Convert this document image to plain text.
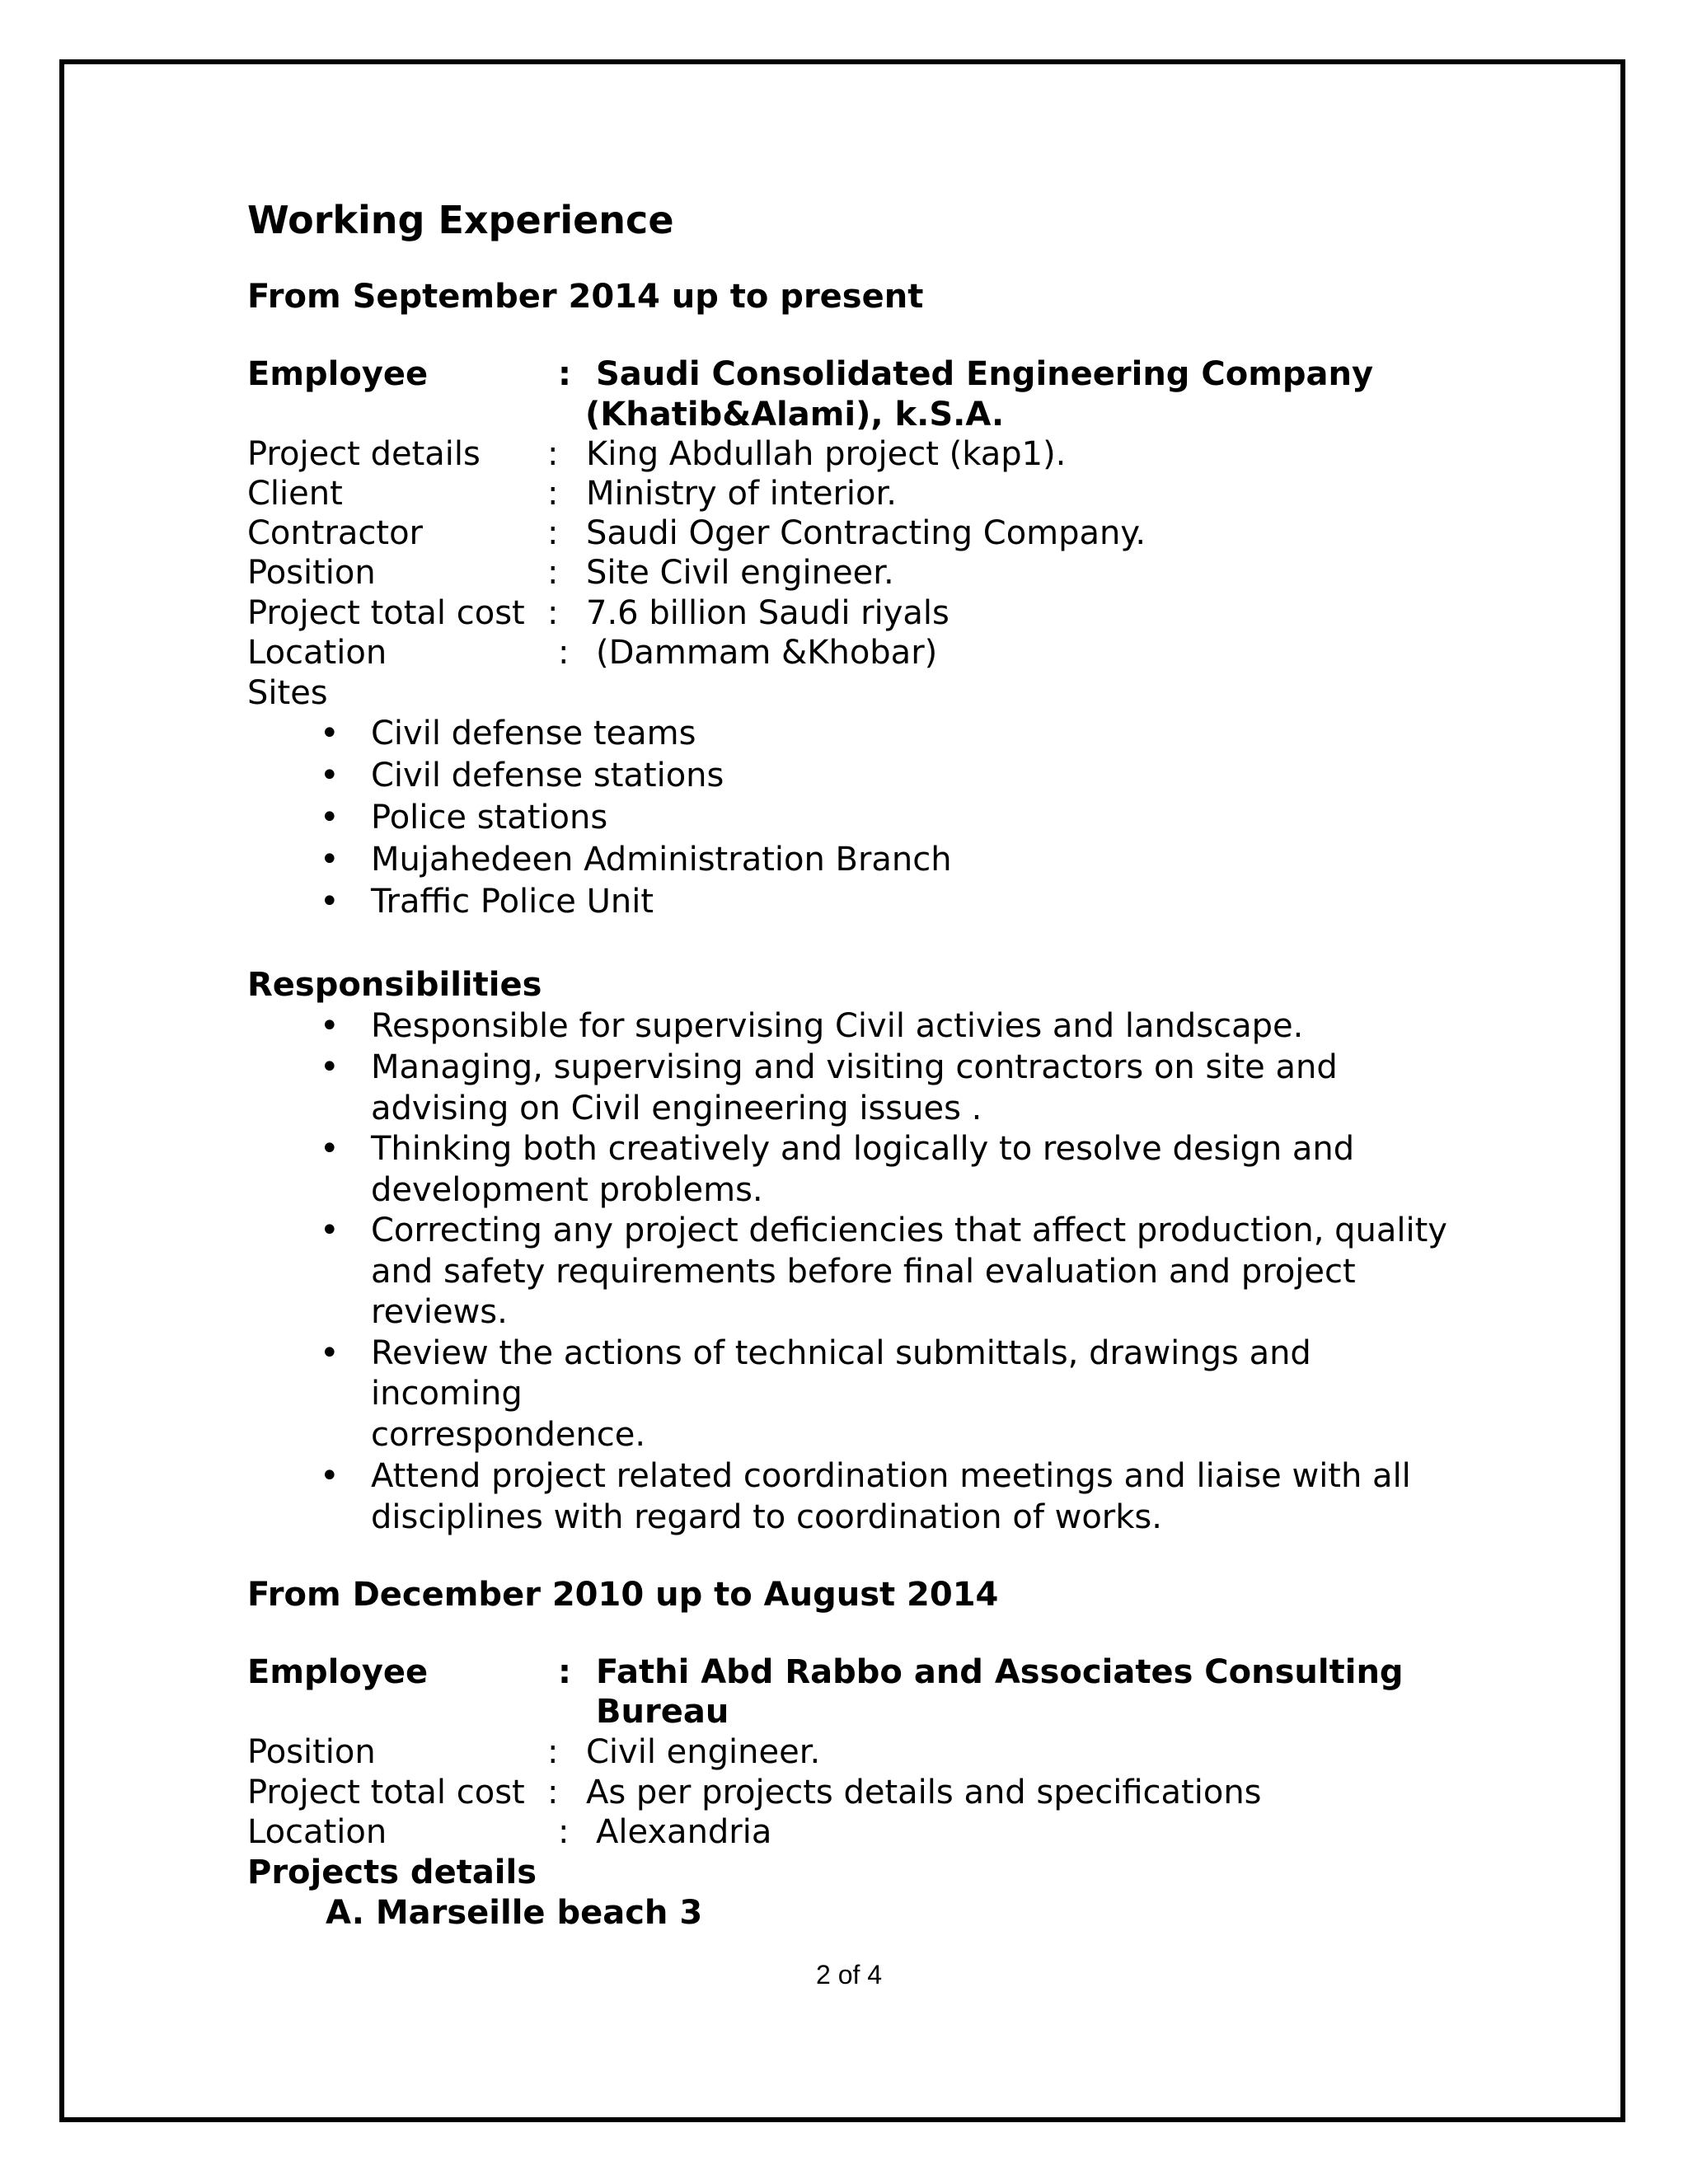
Working Experience
From September 2014 up to present
Employee	: Saudi Consolidated Engineering Company
(Khatib&Alami), k.S.A.
Project details : King Abdullah project (kap1).
Client	: Ministry of interior.
Contractor	: Saudi Oger Contracting Company.
Position	: Site Civil engineer.
Project total cost : 7.6 billion Saudi riyals
Location	: (Dammam &Khobar)
Sites
• Civil defense teams
• Civil defense stations
• Police stations
• Mujahedeen Administration Branch
• Traffic Police Unit
Responsibilities
• Responsible for supervising Civil activies and landscape.
• Managing, supervising and visiting contractors on site and
advising on Civil engineering issues .
• Thinking both creatively and logically to resolve design and
development problems.
• Correcting any project deficiencies that affect production, quality
and safety requirements before final evaluation and project
reviews.
• Review the actions of technical submittals, drawings and
incoming
correspondence.
• Attend project related coordination meetings and liaise with all
disciplines with regard to coordination of works.
From December 2010 up to August 2014
Employee	: Fathi Abd Rabbo and Associates Consulting
Bureau
Position	: Civil engineer.
Project total cost : As per projects details and specifications
Location	: Alexandria
Projects details
A. Marseille beach 3
2 of 4
